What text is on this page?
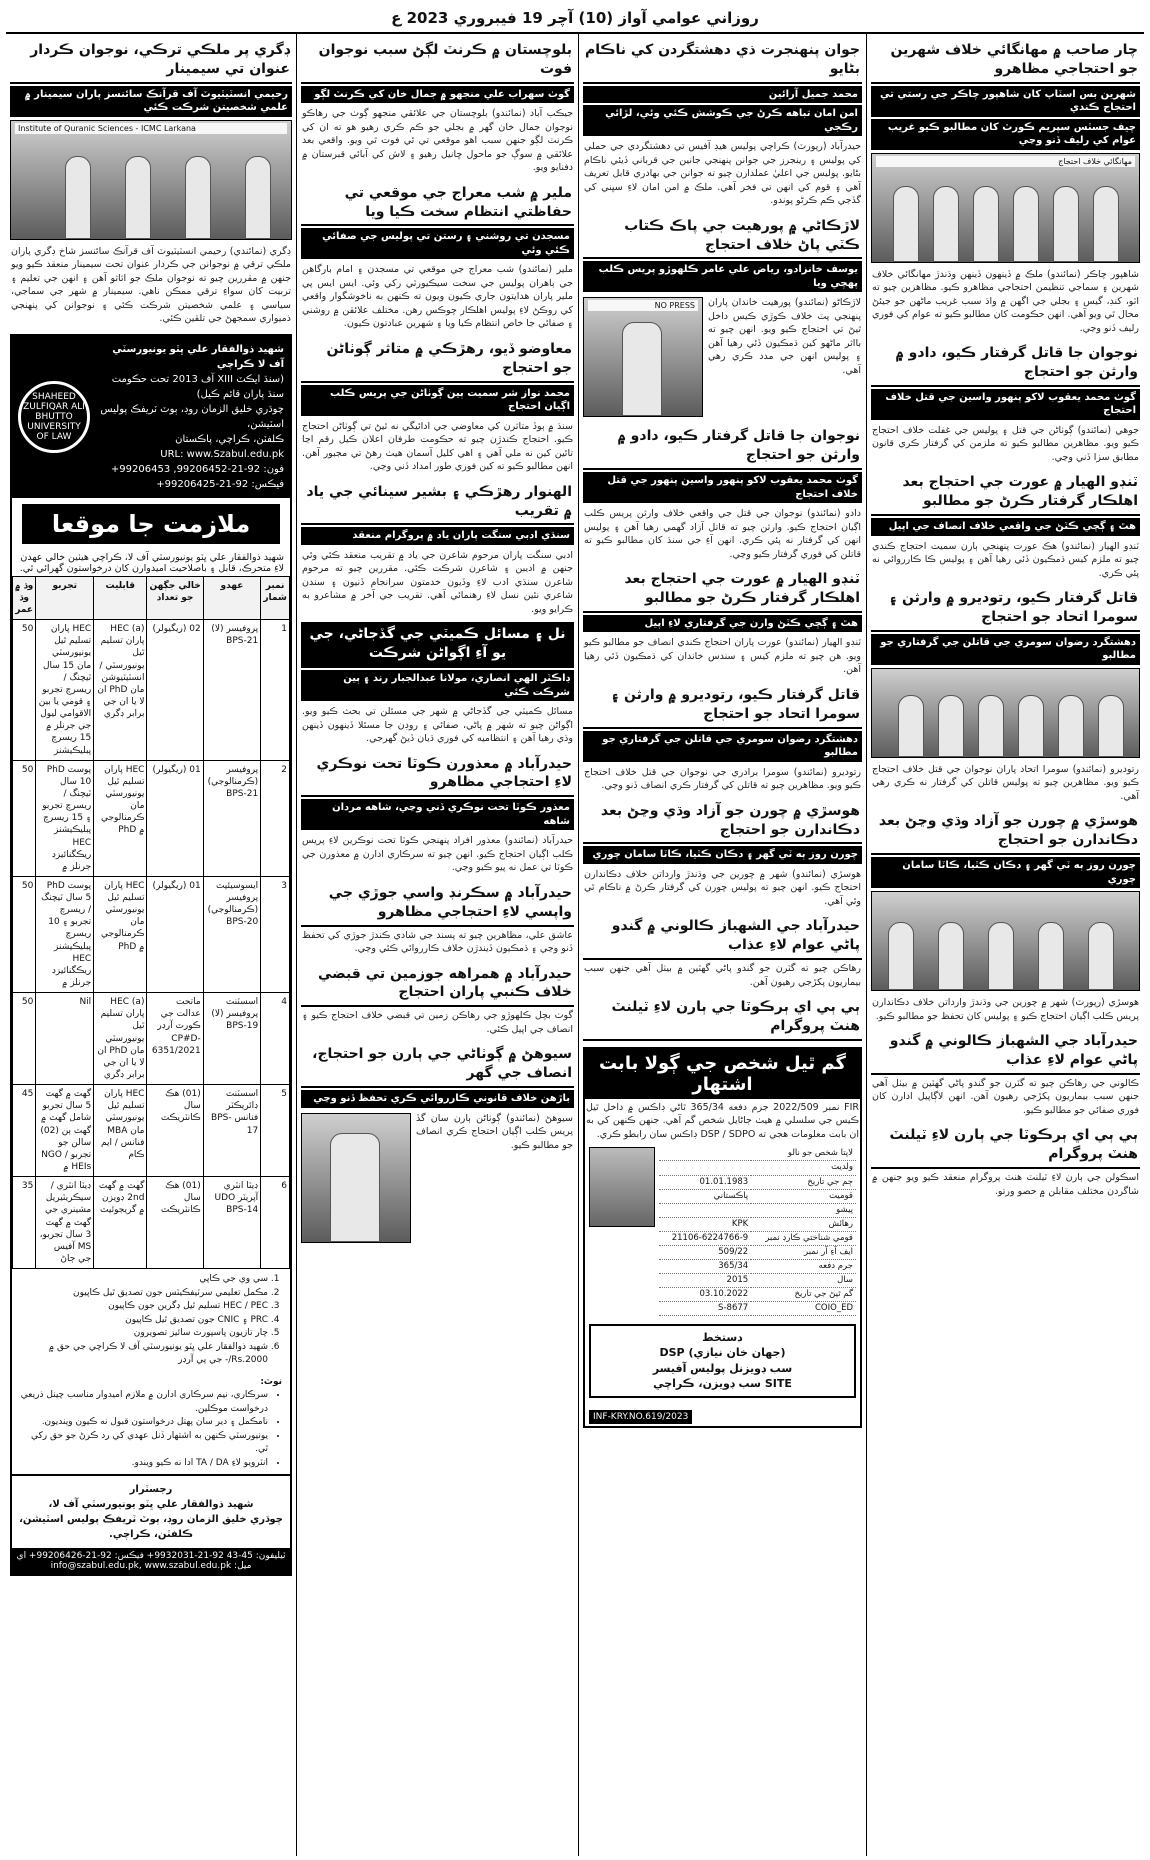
روزاني عوامي آواز (10) آچر 19 فيبروري 2023 ع
چار صاحب ۾ مهانگائي خلاف شهرين جو احتجاجي مظاهرو
شهرين بس اسٽاپ کان شاهپور چاڪر جي رستي تي احتجاج ڪندي
چيف جسٽس سپريم ڪورٽ کان مطالبو ڪيو غريب عوام کي رليف ڏنو وڃي
مهانگائي خلاف احتجاج
شاهپور چاڪر (نمائندو) ملڪ ۾ ڏينهون ڏينهن وڌندڙ مهانگائي خلاف شهرين ۽ سماجي تنظيمن احتجاجي مظاهرو ڪيو. مظاهرين چيو ته اٽو، کنڊ، گيس ۽ بجلي جي اگهن ۾ واڌ سبب غريب ماڻهن جو جيئڻ محال ٿي ويو آهي. انهن حڪومت کان مطالبو ڪيو ته عوام کي فوري رليف ڏنو وڃي.
نوجوان جا قاتل گرفتار ڪيو، دادو ۾ وارثن جو احتجاج
گوٺ محمد يعقوب لاکو پنهور واسين جي قتل خلاف احتجاج
جوهي (نمائندو) ڳوٺاڻن جي قتل ۽ پوليس جي غفلت خلاف احتجاج ڪيو ويو. مظاهرين مطالبو ڪيو ته ملزمن کي گرفتار ڪري قانون مطابق سزا ڏني وڃي.
ٽنڊو الهيار ۾ عورت جي احتجاج بعد اهلڪار گرفتار ڪرڻ جو مطالبو
هٿ ۽ ڳچي ڪٽڻ جي واقعي خلاف انصاف جي اپيل
ٽنڊو الهيار (نمائندو) هڪ عورت پنهنجي ٻارن سميت احتجاج ڪندي چيو ته ملزم کيس ڌمڪيون ڏئي رهيا آهن ۽ پوليس ڪا ڪارروائي نه پئي ڪري.
قاتل گرفتار ڪيو، رتوديرو ۾ وارثن ۽ سومرا اتحاد جو احتجاج
دهشتگرد رضوان سومري جي قاتلن جي گرفتاري جو مطالبو
رتوديرو (نمائندو) سومرا اتحاد پاران نوجوان جي قتل خلاف احتجاج ڪيو ويو. مظاهرين چيو ته پوليس قاتلن کي گرفتار نه ڪري رهي آهي.
هوسڙي ۾ چورن جو آزاد وڌي وڃڻ بعد دڪاندارن جو احتجاج
چورن روز ٻه ٽي گهر ۽ دڪان ڪٽيا، ڪاٽا سامان چوري
هوسڙي (رپورٽ) شهر ۾ چورين جي وڌندڙ وارداتن خلاف دڪاندارن پريس ڪلب اڳيان احتجاج ڪيو ۽ پوليس کان تحفظ جو مطالبو ڪيو.
حيدرآباد جي الشهباز ڪالوني ۾ گندو پاڻي عوام لاءِ عذاب
ڪالوني جي رهاڪن چيو ته گٽرن جو گندو پاڻي گهٽين ۾ بيٺل آهي جنهن سبب بيماريون پکڙجي رهيون آهن. انهن لاڳاپيل ادارن کان فوري صفائي جو مطالبو ڪيو.
ٻي ٻي اي ٻرڪوٽا جي ٻارن لاءِ ٽيلنٽ هنٽ پروگرام
اسڪولن جي ٻارن لاءِ ٽيلنٽ هنٽ پروگرام منعقد ڪيو ويو جنهن ۾ شاگردن مختلف مقابلن ۾ حصو ورتو.
جوان پنهنجرت ذي دهشتگردن کي ناڪام بڻايو
محمد جميل آرائين
امن امان تباهه ڪرڻ جي ڪوشش ڪئي وئي، لڙائي رڪجي
حيدرآباد (رپورٽ) ڪراچي پوليس هيڊ آفيس تي دهشتگردي جي حملي کي پوليس ۽ رينجرز جي جوانن پنهنجي جانين جي قرباني ڏيئي ناڪام بڻايو. پوليس جي اعليٰ عملدارن چيو ته جوانن جي بهادري قابل تعريف آهي ۽ قوم کي انهن تي فخر آهي. ملڪ ۾ امن امان لاءِ سڀني کي گڏجي ڪم ڪرڻو پوندو.
لاڙڪاڻي ۾ پورهيت جي پاڪ ڪتاب ڪٽي پاڻ خلاف احتجاج
يوسف خانزادو، رياض علي عامر ڪلهوڙو پريس ڪلب پهچي ويا
لاڙڪاڻو (نمائندو) پورهيت خاندان پاران پنهنجي پٽ خلاف ڪوڙي ڪيس داخل ٿيڻ تي احتجاج ڪيو ويو. انهن چيو ته بااثر ماڻهو کين ڌمڪيون ڏئي رهيا آهن ۽ پوليس انهن جي مدد ڪري رهي آهي.
NO PRESS
نوجوان جا قاتل گرفتار ڪيو، دادو ۾ وارثن جو احتجاج
گوٺ محمد يعقوب لاکو پنهور واسين پنهور جي قتل خلاف احتجاج
دادو (نمائندو) نوجوان جي قتل جي واقعي خلاف وارثن پريس ڪلب اڳيان احتجاج ڪيو. وارثن چيو ته قاتل آزاد گهمي رهيا آهن ۽ پوليس انهن کي گرفتار نه پئي ڪري. انهن آءِ جي سنڌ کان مطالبو ڪيو ته قاتلن کي فوري گرفتار ڪيو وڃي.
ٽنڊو الهيار ۾ عورت جي احتجاج بعد اهلڪار گرفتار ڪرڻ جو مطالبو
هٿ ۽ ڳچي ڪٽڻ وارن جي گرفتاري لاءِ اپيل
ٽنڊو الهيار (نمائندو) عورت پاران احتجاج ڪندي انصاف جو مطالبو ڪيو ويو. هن چيو ته ملزم کيس ۽ سندس خاندان کي ڌمڪيون ڏئي رهيا آهن.
قاتل گرفتار ڪيو، رتوديرو ۾ وارثن ۽ سومرا اتحاد جو احتجاج
دهشتگرد رضوان سومري جي قاتلن جي گرفتاري جو مطالبو
رتوديرو (نمائندو) سومرا برادري جي نوجوان جي قتل خلاف احتجاج ڪيو ويو. مظاهرين چيو ته قاتلن کي گرفتار ڪري انصاف ڏنو وڃي.
هوسڙي ۾ چورن جو آزاد وڌي وڃڻ بعد دڪاندارن جو احتجاج
چورن روز ٻه ٽي گهر ۽ دڪان ڪٽيا، ڪاٽا سامان چوري
هوسڙي (نمائندو) شهر ۾ چورين جي وڌندڙ وارداتن خلاف دڪاندارن احتجاج ڪيو. انهن چيو ته پوليس چورن کي گرفتار ڪرڻ ۾ ناڪام ٿي وئي آهي.
حيدرآباد جي الشهباز ڪالوني ۾ گندو پاڻي عوام لاءِ عذاب
رهاڪن چيو ته گٽرن جو گندو پاڻي گهٽين ۾ بيٺل آهي جنهن سبب بيماريون پکڙجي رهيون آهن.
ٻي ٻي اي ٻرڪوٽا جي ٻارن لاءِ ٽيلنٽ هنٽ پروگرام
گم ٿيل شخص جي ڳولا بابت اشتهار
FIR نمبر 2022/509 جرم دفعه 365/34 ٿاڻي ڊاڪس ۾ داخل ٿيل ڪيس جي سلسلي ۾ هيٺ ڄاڻايل شخص گم آهي. جنهن ڪنهن کي به ان بابت معلومات هجي ته DSP / SDPO ڊاڪس سان رابطو ڪري.
لاپتا شخص جو نالو	
ولديت	
ڄم جي تاريخ	01.01.1983
قوميت	پاڪستاني
پيشو	
رهائش	KPK
قومي شناختي ڪارڊ نمبر	21106-6224766-9
ايف آءِ آر نمبر	509/22
جرم دفعه	365/34
سال	2015
گم ٿيڻ جي تاريخ	03.10.2022
COIO_ED	8677-S
دستخط
(جهان خان نيازي) DSP
سب ڊويزنل پوليس آفيسر
SITE سب ڊويزن، ڪراچي
INF-KRY.NO.619/2023
بلوچستان ۾ ڪرنٽ لڳڻ سبب نوجوان فوت
گوٺ سهراب علي منجهو ۾ جمال خان کي ڪرنٽ لڳو
جيڪب آباد (نمائندو) بلوچستان جي علائقي منجهو ڳوٺ جي رهاڪو نوجوان جمال خان گهر ۾ بجلي جو ڪم ڪري رهيو هو ته ان کي ڪرنٽ لڳو جنهن سبب اهو موقعي تي ئي فوت ٿي ويو. واقعي بعد علائقي ۾ سوڳ جو ماحول ڇانيل رهيو ۽ لاش کي آبائي قبرستان ۾ دفنايو ويو.
ملير ۾ شب معراج جي موقعي تي حفاظتي انتظام سخت ڪيا ويا
مسجدن تي روشني ۽ رستن تي پوليس جي صفائي ڪئي وئي
ملير (نمائندو) شب معراج جي موقعي تي مسجدن ۽ امام بارگاهن جي ٻاهران پوليس جي سخت سيڪيورٽي رکي وئي. ايس ايس پي ملير پاران هدايتون جاري ڪيون ويون ته ڪنهن به ناخوشگوار واقعي کي روڪڻ لاءِ پوليس اهلڪار چوڪس رهن. مختلف علائقن ۾ روشني ۽ صفائي جا خاص انتظام ڪيا ويا ۽ شهرين عبادتون ڪيون.
معاوضو ڏيو، رهڙڪي ۾ متاثر ڳوٺاڻن جو احتجاج
محمد نواز شر سميت ٻين ڳوٺاڻن جي پريس ڪلب اڳيان احتجاج
سنڌ ۾ ٻوڏ متاثرن کي معاوضي جي ادائيگي نه ٿيڻ تي ڳوٺاڻن احتجاج ڪيو. احتجاج ڪندڙن چيو ته حڪومت طرفان اعلان ڪيل رقم اڃا تائين کين نه ملي آهي ۽ اهي کليل آسمان هيٺ رهڻ تي مجبور آهن. انهن مطالبو ڪيو ته کين فوري طور امداد ڏني وڃي.
الهنوار رهڙڪي ۽ بشير سينائي جي ياد ۾ تقريب
سنڌي ادبي سنگت پاران ياد ۾ پروگرام منعقد
ادبي سنگت پاران مرحوم شاعرن جي ياد ۾ تقريب منعقد ڪئي وئي جنهن ۾ اديبن ۽ شاعرن شرڪت ڪئي. مقررين چيو ته مرحوم شاعرن سنڌي ادب لاءِ وڏيون خدمتون سرانجام ڏنيون ۽ سندن شاعري نئين نسل لاءِ رهنمائي آهي. تقريب جي آخر ۾ مشاعرو به ڪرايو ويو.
نل ۽ مسائل ڪميٽي جي گڏجاڻي، جي يو آءِ اڳواڻن شرڪت
ڊاڪٽر الهي انصاري، مولانا عبدالجبار رند ۽ ٻين شرڪت ڪئي
مسائل ڪميٽي جي گڏجاڻي ۾ شهر جي مسئلن تي بحث ڪيو ويو. اڳواڻن چيو ته شهر ۾ پاڻي، صفائي ۽ روڊن جا مسئلا ڏينهون ڏينهن وڌي رهيا آهن ۽ انتظاميه کي فوري ڌيان ڏيڻ گهرجي.
حيدرآباد ۾ معذورن ڪوٽا تحت نوڪري لاءِ احتجاجي مظاهرو
معذور ڪوٽا تحت نوڪري ڏني وڃي، شاهه مردان شاهه
حيدرآباد (نمائندو) معذور افراد پنهنجي ڪوٽا تحت نوڪرين لاءِ پريس ڪلب اڳيان احتجاج ڪيو. انهن چيو ته سرڪاري ادارن ۾ معذورن جي ڪوٽا تي عمل نه پيو ڪيو وڃي.
حيدرآباد ۾ سڪرنڊ واسي جوڙي جي واپسي لاءِ احتجاجي مظاهرو
عاشق علي، مظاهرين چيو ته پسند جي شادي ڪندڙ جوڙي کي تحفظ ڏنو وڃي ۽ ڌمڪيون ڏيندڙن خلاف ڪارروائي ڪئي وڃي.
حيدرآباد ۾ همراهه جوزمين تي قبضي خلاف ڪنبي پاران احتجاج
گوٺ بچل ڪلهوڙو جي رهاڪن زمين تي قبضي خلاف احتجاج ڪيو ۽ انصاف جي اپيل ڪئي.
سيوهڻ ۾ ڳوٺاڻي جي ٻارن جو احتجاج، انصاف جي گهر
باڙهن خلاف قانوني ڪارروائي ڪري تحفظ ڏنو وڃي
سيوهڻ (نمائندو) ڳوٺاڻن ٻارن سان گڏ پريس ڪلب اڳيان احتجاج ڪري انصاف جو مطالبو ڪيو.
ڊگري پر ملڪي ترڪي، نوجوان ڪردار عنوان تي سيمينار
رحيمي انسٽيٽيوٽ آف قرآنڪ سائنسز پاران سيمينار ۾ علمي شخصيتن شرڪت ڪئي
Institute of Quranic Sciences - ICMC Larkana
ڊگري (نمائندي) رحيمي انسٽيٽيوٽ آف قرآنڪ سائنسز شاخ ڊگري پاران ملڪي ترقي ۾ نوجوانن جي ڪردار عنوان تحت سيمينار منعقد ڪيو ويو جنهن ۾ مقررين چيو ته نوجوان ملڪ جو اثاثو آهن ۽ انهن جي تعليم ۽ تربيت کان سواءِ ترقي ممڪن ناهي. سيمينار ۾ شهر جي سماجي، سياسي ۽ علمي شخصيتن شرڪت ڪئي ۽ نوجوانن کي پنهنجي ذميواري سمجهڻ جي تلقين ڪئي.
شهيد ذوالفقار علي ڀٽو يونيورسٽي آف لا ڪراچي
(سنڌ ايڪٽ XIII آف 2013 تحت حڪومت سنڌ پاران قائم ڪيل)
چوڌري خليق الزمان روڊ، ٻوٽ ٽريفڪ پوليس اسٽيشن،
ڪلفٽن، ڪراچي، پاڪستان
URL: www.Szabul.edu.pk
فون: 92-21-99206452, 99206453+ فيڪس: 92-21-99206425+
SHAHEED ZULFIQAR ALI BHUTTO UNIVERSITY OF LAW
ملازمت جا موقعا
شهيد ذوالفقار علي ڀٽو يونيورسٽي آف لا، ڪراچي هيٺين خالي عهدن لاءِ متحرڪ، قابل ۽ باصلاحيت اميدوارن کان درخواستون گهرائي ٿي.
نمبر شمار	عهدو	خالي جڳهن جو تعداد	قابليت	تجربو	وڌ ۾ وڌ عمر
1	پروفيسر (لا) BPS-21	02 (ريگيولر)	(a) HEC پاران تسليم ٿيل يونيورسٽي / انسٽيٽيوشن مان PhD ان لا يا ان جي برابر ڊگري	HEC پاران تسليم ٿيل يونيورسٽي مان 15 سال ٽيچنگ / ريسرچ تجربو ۽ قومي يا بين الاقوامي ليول جي جرنلز ۾ 15 ريسرچ پبليڪيشنز	50
2	پروفيسر (ڪرمنالوجي) BPS-21	01 (ريگيولر)	HEC پاران تسليم ٿيل يونيورسٽي مان ڪرمنالوجي ۾ PhD	پوسٽ PhD 10 سال ٽيچنگ / ريسرچ تجربو ۽ 15 ريسرچ پبليڪيشنز HEC ريڪگنائيزڊ جرنلز ۾	50
3	ايسوسيئيٽ پروفيسر (ڪرمنالوجي) BPS-20	01 (ريگيولر)	HEC پاران تسليم ٿيل يونيورسٽي مان ڪرمنالوجي ۾ PhD	پوسٽ PhD 5 سال ٽيچنگ / ريسرچ تجربو ۽ 10 ريسرچ پبليڪيشنز HEC ريڪگنائيزڊ جرنلز ۾	50
4	اسسٽنٽ پروفيسر (لا) BPS-19	ماتحت عدالت جي ڪورٽ آرڊر CP#D-6351/2021	(a) HEC پاران تسليم ٿيل يونيورسٽي مان PhD ان لا يا ان جي برابر ڊگري	Nil	50
5	اسسٽنٽ ڊائريڪٽر فنانس BPS-17	(01) هڪ سال ڪانٽريڪٽ	HEC پاران تسليم ٿيل يونيورسٽي مان MBA فنانس / ايم ڪام	گهٽ ۾ گهٽ 5 سال تجربو شامل گهٽ ۾ گهٽ ٻن (02) سالن جو تجربو NGO / HEIs ۾	45
6	ڊيٽا انٽري آپريٽر UDO BPS-14	(01) هڪ سال ڪانٽريڪٽ	گهٽ ۾ گهٽ 2nd ڊويزن ۾ گريجوئيٽ	ڊيٽا انٽري / سيڪريٽيريل مشينري جي گهٽ ۾ گهٽ 3 سال تجربو، MS آفيس جي ڄاڻ	35
1. سي وي جي ڪاپي
2. مڪمل تعليمي سرٽيفڪيٽس جون تصديق ٿيل ڪاپيون
3. HEC / PEC تسليم ٿيل ڊگرين جون ڪاپيون
4. PRC ۽ CNIC جون تصديق ٿيل ڪاپيون
5. چار تازيون پاسپورٽ سائيز تصويرون
6. شهيد ذوالفقار علي ڀٽو يونيورسٽي آف لا ڪراچي جي حق ۾ Rs.2000/- جي پي آرڊر
نوٽ:
• سرڪاري، نيم سرڪاري ادارن ۾ ملازم اميدوار مناسب چينل ذريعي درخواست موڪلين.
• نامڪمل ۽ دير سان پهتل درخواستون قبول نه ڪيون وينديون.
• يونيورسٽي ڪنهن به اشتهار ڏنل عهدي کي رد ڪرڻ جو حق رکي ٿي.
• انٽرويو لاءِ TA / DA ادا نه ڪيو ويندو.
رجسٽرار
شهيد ذوالفقار علي ڀٽو يونيورسٽي آف لا،
چوڌري خليق الزمان روڊ، ٻوٽ ٽريفڪ پوليس اسٽيشن، ڪلفٽن، ڪراچي.
ٽيليفون: 45-43 92-21-9932031+ فيڪس: 92-21-99206426+ اي ميل: info@szabul.edu.pk, www.szabul.edu.pk
